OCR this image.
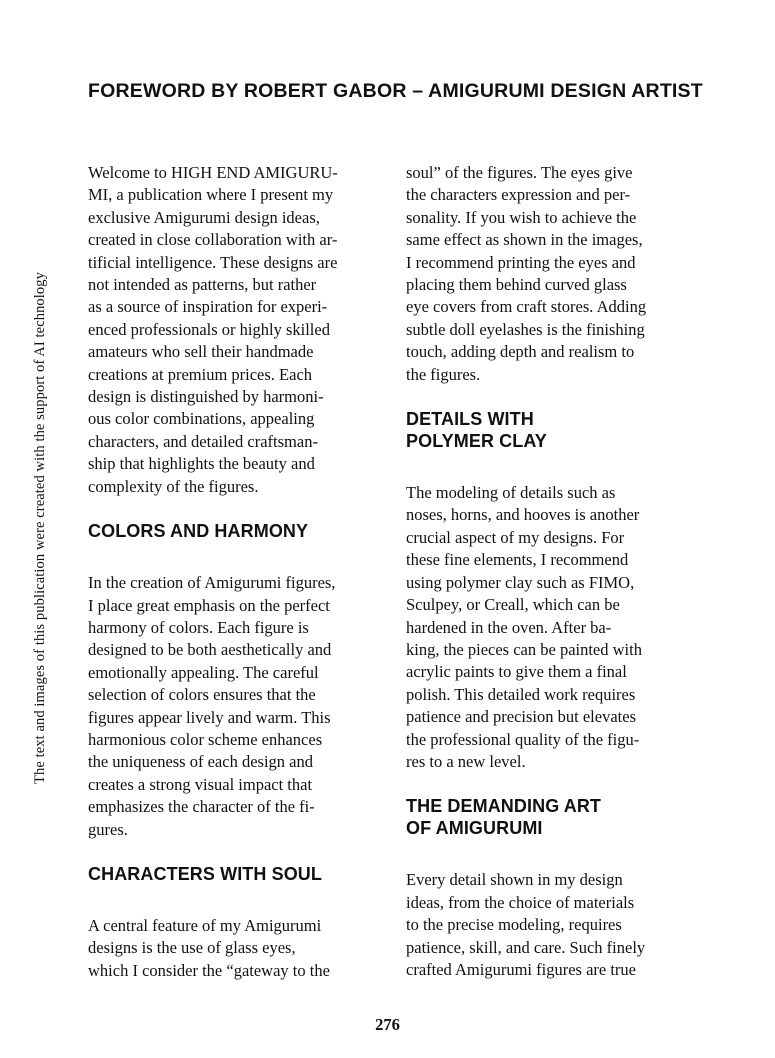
The text and images of this publication were created with the support of AI technology
FOREWORD BY ROBERT GABOR – AMIGURUMI DESIGN ARTIST

Welcome to HIGH END AMIGURU-
MI, a publication where I present my
exclusive Amigurumi design ideas,
created in close collaboration with ar-
tificial intelligence. These designs are
not intended as patterns, but rather
as a source of inspiration for experi-
enced professionals or highly skilled
amateurs who sell their handmade
creations at premium prices. Each
design is distinguished by harmoni-
ous color combinations, appealing
characters, and detailed craftsman-
ship that highlights the beauty and
complexity of the figures.

COLORS AND HARMONY

In the creation of Amigurumi figures,
I place great emphasis on the perfect
harmony of colors. Each figure is
designed to be both aesthetically and
emotionally appealing. The careful
selection of colors ensures that the
figures appear lively and warm. This
harmonious color scheme enhances
the uniqueness of each design and
creates a strong visual impact that
emphasizes the character of the fi-
gures.

CHARACTERS WITH SOUL

A central feature of my Amigurumi
designs is the use of glass eyes,
which I consider the “gateway to the

soul” of the figures. The eyes give
the characters expression and per-
sonality. If you wish to achieve the
same effect as shown in the images,
I recommend printing the eyes and
placing them behind curved glass
eye covers from craft stores. Adding
subtle doll eyelashes is the finishing
touch, adding depth and realism to
the figures.

DETAILS WITH
POLYMER CLAY

The modeling of details such as
noses, horns, and hooves is another
crucial aspect of my designs. For
these fine elements, I recommend
using polymer clay such as FIMO,
Sculpey, or Creall, which can be
hardened in the oven. After ba-
king, the pieces can be painted with
acrylic paints to give them a final
polish. This detailed work requires
patience and precision but elevates
the professional quality of the figu-
res to a new level.

THE DEMANDING ART
OF AMIGURUMI

Every detail shown in my design
ideas, from the choice of materials
to the precise modeling, requires
patience, skill, and care. Such finely
crafted Amigurumi figures are true

276
